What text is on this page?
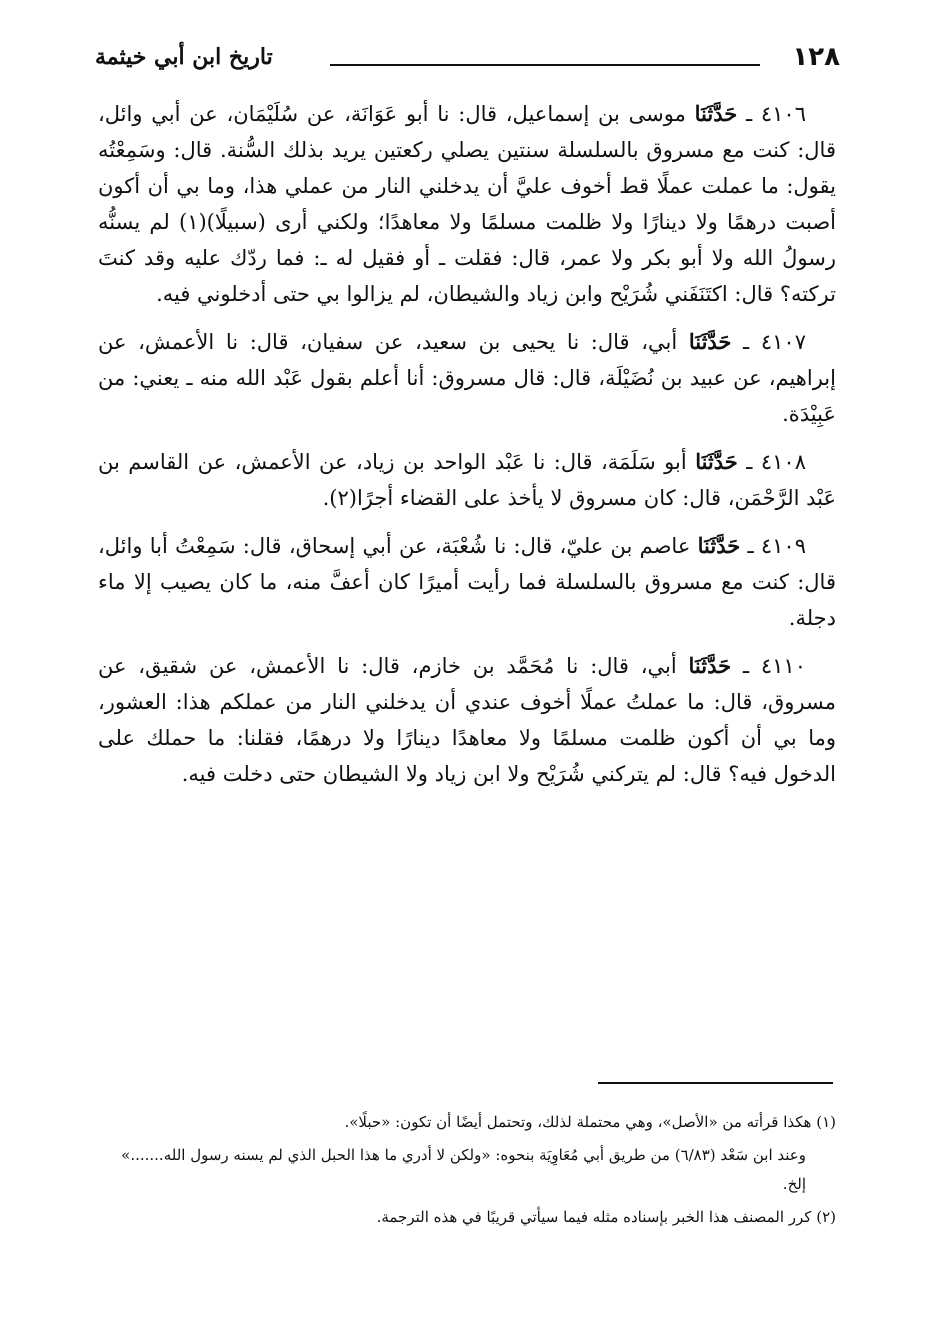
١٢٨
تاريخ ابن أبي خيثمة

٤١٠٦ ـ حَدَّثَنَا موسى بن إسماعيل، قال: نا أبو عَوَانَة، عن سُلَيْمَان، عن أبي وائل، قال: كنت مع مسروق بالسلسلة سنتين يصلي ركعتين يريد بذلك السُّنة. قال: وسَمِعْتُه يقول: ما عملت عملًا قط أخوف عليَّ أن يدخلني النار من عملي هذا، وما بي أن أكون أصبت درهمًا ولا دينارًا ولا ظلمت مسلمًا ولا معاهدًا؛ ولكني أرى (سبيلًا)(١) لم يسنُّه رسولُ الله ولا أبو بكر ولا عمر، قال: فقلت ـ أو فقيل له ـ: فما ردّك عليه وقد كنتَ تركته؟ قال: اكتَنَفَني شُرَيْح وابن زياد والشيطان، لم يزالوا بي حتى أدخلوني فيه.

٤١٠٧ ـ حَدَّثَنَا أبي، قال: نا يحيى بن سعيد، عن سفيان، قال: نا الأعمش، عن إبراهيم، عن عبيد بن نُضَيْلَة، قال: قال مسروق: أنا أعلم بقول عَبْد الله منه ـ يعني: من عَبِيْدَة.

٤١٠٨ ـ حَدَّثَنَا أبو سَلَمَة، قال: نا عَبْد الواحد بن زياد، عن الأعمش، عن القاسم بن عَبْد الرَّحْمَن، قال: كان مسروق لا يأخذ على القضاء أجرًا(٢).

٤١٠٩ ـ حَدَّثَنَا عاصم بن عليّ، قال: نا شُعْبَة، عن أبي إسحاق، قال: سَمِعْتُ أبا وائل، قال: كنت مع مسروق بالسلسلة فما رأيت أميرًا كان أعفَّ منه، ما كان يصيب إلا ماء دجلة.

٤١١٠ ـ حَدَّثَنَا أبي، قال: نا مُحَمَّد بن خازم، قال: نا الأعمش، عن شقيق، عن مسروق، قال: ما عملتُ عملًا أخوف عندي أن يدخلني النار من عملكم هذا: العشور، وما بي أن أكون ظلمت مسلمًا ولا معاهدًا دينارًا ولا درهمًا، فقلنا: ما حملك على الدخول فيه؟ قال: لم يتركني شُرَيْح ولا ابن زياد ولا الشيطان حتى دخلت فيه.

(١) هكذا قرأته من «الأصل»، وهي محتملة لذلك، وتحتمل أيضًا أن تكون: «حبلًا».

وعند ابن سَعْد (٦/٨٣) من طريق أبي مُعَاوِيَة بنحوه: «ولكن لا أدري ما هذا الحبل الذي لم يسنه رسول الله.......» إلخ.

(٢) كرر المصنف هذا الخبر بإسناده مثله فيما سيأتي قريبًا في هذه الترجمة.
